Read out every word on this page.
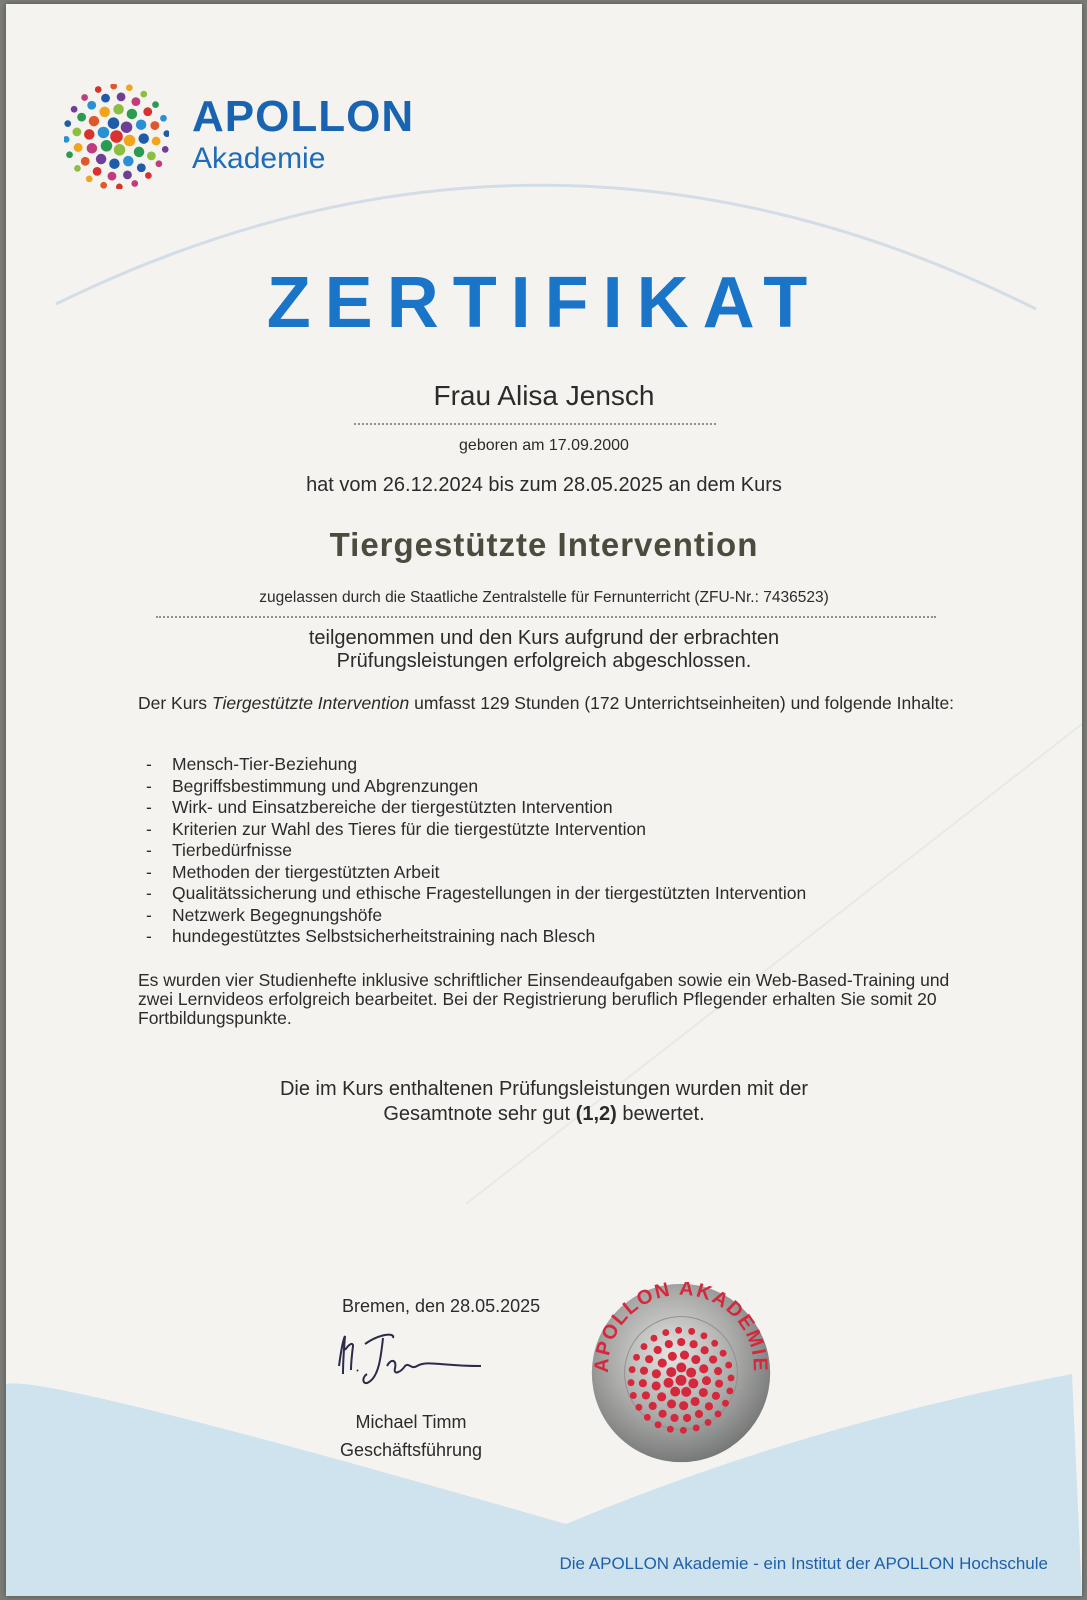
APOLLON
Akademie
ZERTIFIKAT
Frau Alisa Jensch
geboren am 17.09.2000
hat vom 26.12.2024 bis zum 28.05.2025 an dem Kurs
Tiergestützte Intervention
zugelassen durch die Staatliche Zentralstelle für Fernunterricht (ZFU-Nr.: 7436523)
teilgenommen und den Kurs aufgrund der erbrachten
Prüfungsleistungen erfolgreich abgeschlossen.
Der Kurs Tiergestützte Intervention umfasst 129 Stunden (172 Unterrichtseinheiten) und folgende Inhalte:
- Mensch-Tier-Beziehung
- Begriffsbestimmung und Abgrenzungen
- Wirk- und Einsatzbereiche der tiergestützten Intervention
- Kriterien zur Wahl des Tieres für die tiergestützte Intervention
- Tierbedürfnisse
- Methoden der tiergestützten Arbeit
- Qualitätssicherung und ethische Fragestellungen in der tiergestützten Intervention
- Netzwerk Begegnungshöfe
- hundegestütztes Selbstsicherheitstraining nach Blesch
Es wurden vier Studienhefte inklusive schriftlicher Einsendeaufgaben sowie ein Web-Based-Training und zwei Lernvideos erfolgreich bearbeitet. Bei der Registrierung beruflich Pflegender erhalten Sie somit 20 Fortbildungspunkte.
Die im Kurs enthaltenen Prüfungsleistungen wurden mit der
Gesamtnote sehr gut (1,2) bewertet.
Bremen, den 28.05.2025
Michael Timm
Geschäftsführung
APOLLON AKADEMIE
Die APOLLON Akademie - ein Institut der APOLLON Hochschule
